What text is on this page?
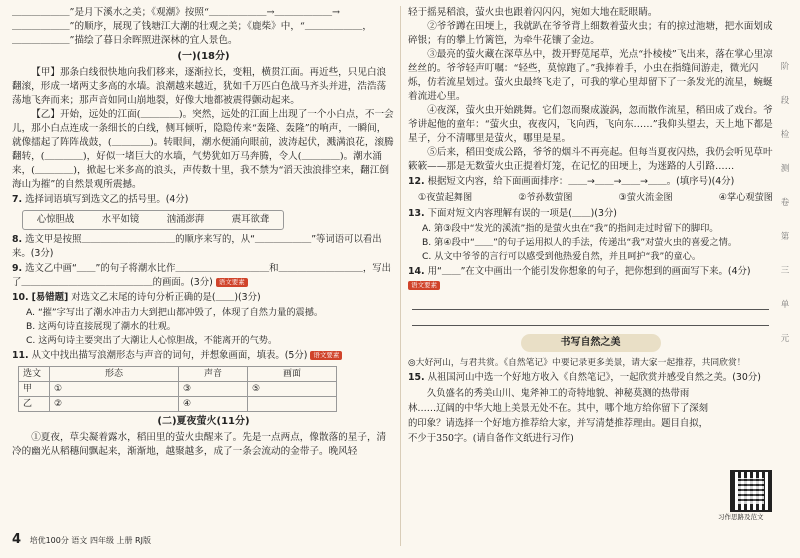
＿＿＿＿＿＿”是月下溪水之美；《观潮》按照“＿＿＿＿＿＿→＿＿＿＿＿＿→

＿＿＿＿＿＿”的顺序，展现了钱塘江大潮的壮观之美；《鹿柴》中，“＿＿＿＿＿＿，

＿＿＿＿＿＿”描绘了暮日余晖照进深林的宜人景色。

(一)(18分)

【甲】那条白线很快地向我们移来，逐渐拉长，变粗，横贯江面。再近些，只见白浪翻滚，形成一堵两丈多高的水墙。浪潮越来越近，犹如千万匹白色战马齐头并进，浩浩荡荡地飞奔而来；那声音如同山崩地裂，好像大地都被震得颤动起来。

【乙】开始，远处的江面(＿＿＿＿)。突然，远处的江面上出现了一个小白点，不一会儿，那小白点连成一条细长的白线，侧耳倾听，隐隐传来“轰隆、轰隆”的响声，一瞬间，就像擂起了阵阵战鼓，(＿＿＿＿)。转眼间，潮水便涌向眼前，波涛起伏，溅满浪花，滚腾翻转，(＿＿＿＿)，好似一堵巨大的水墙，气势犹如万马奔腾，令人(＿＿＿＿)。潮水涌来，(＿＿＿＿)，掀起七米多高的浪头，声传数十里，我不禁为“滔天浊浪排空来，翻江倒海山为摧”的自然景观所震撼。

7. 选择词语填写到选文乙的括号里。(4分)
心惊胆战	水平如镜	汹涌澎湃	震耳欲聋
8. 选文甲是按照＿＿＿＿＿＿＿＿＿＿的顺序来写的，从“＿＿＿＿＿＿”等词语可以看出来。(3分)
9. 选文乙中画“＿＿”的句子将潮水比作＿＿＿＿＿＿＿＿＿＿和＿＿＿＿＿＿＿＿＿，写出了＿＿＿＿＿＿＿＿＿＿＿＿＿＿的画面。(3分) 语文要素
10. [易错题] 对选文乙末尾的诗句分析正确的是(＿＿)(3分)
A. “摧”字写出了潮水冲击力大到把山都冲毁了，体现了自然力量的震撼。
B. 这两句诗直接展现了潮水的壮观。
C. 这两句诗主要突出了大潮让人心惊胆战，不能离开的气势。
11. 从文中找出描写浪潮形态与声音的词句，并想象画面，填表。(5分) 语文要素
选文	形态	声音	画面
甲	①	③	⑤
乙	②	④	
(二)夏夜萤火(11分)

①夏夜，草尖凝着露水，稻田里的萤火虫醒来了。先是一点两点，像散落的星子，清冷的幽光从稻穗间飘起来，渐渐地，越聚越多，成了一条会流动的金带子。晚风轻

轻于摇晃稻浪，萤火虫也跟着闪闪闪，宛如大地在眨眼睛。

②爷爷蹲在田埂上，我就趴在爷爷背上细数着萤火虫；有的掠过池塘，把水面划成碎银；有的攀上竹篱笆，为牵牛花镶了金边。

③最亮的萤火藏在深草丛中，拨开野苋尾草，光点“扑棱棱”飞出来，落在掌心里凉丝丝的。爷爷轻声叮嘱：“轻些，莫惊跑了。”我捧着手，小虫在指缝间游走，微光闪烁，仿若流星划过。萤火虫最终飞走了，可我的掌心里却留下了一条发光的流星，蜿蜒着流进心里。

④夜深，萤火虫开始跳舞。它们忽而聚成漩涡，忽而散作流星，稻田成了戏台。爷爷讲起他的童年：“萤火虫，夜夜闪，飞向西，飞向东……”我仰头望去，天上地下都是星子，分不清哪里是萤火，哪里是星。

⑤后来，稻田变成公路，爷爷的烟斗不再亮起。但每当夏夜闪热，我仍会听见草叶簌簌——那是无数萤火虫正提着灯笼，在记忆的田埂上，为迷路的人引路……

12. 根据短文内容，给下面画面排序：＿＿→＿＿→＿＿→＿＿。(填序号)(4分)
①夜萤起舞图	②爷孙数萤图	③萤火流金图	④掌心观萤图
13. 下面对短文内容理解有误的一项是(＿＿)(3分)
A. 第③段中“发光的溪流”指的是萤火虫在“我”的指间走过时留下的脚印。
B. 第④段中“＿＿”的句子运用拟人的手法，传递出“我”对萤火虫的喜爱之情。
C. 从文中爷爷的言行可以感受到他热爱自然，并且呵护“我”的童心。
14. 用“＿＿”在文中画出一个能引发你想象的句子，把你想到的画面写下来。(4分) 语文要素
书写自然之美

◎大好河山，与君共赏。《自然笔记》中要记录更多美景，请大家一起推荐，共同欣赏！

15. 从祖国河山中选一个好地方收入《自然笔记》，一起欣赏并感受自然之美。(30分)

久负盛名的秀美山川、鬼斧神工的奇特地貌、神秘莫测的热带雨林……辽阔的中华大地上美景无处不在。其中，哪个地方给你留下了深刻的印象？请选择一个好地方推荐给大家，并写清楚推荐理由。题目自拟，不少于350字。(请自备作文纸进行习作)

习作思路及范文
4 培优100分 语文 四年级 上册 RJ版
阶
段
检
测
卷
第
三
单
元
